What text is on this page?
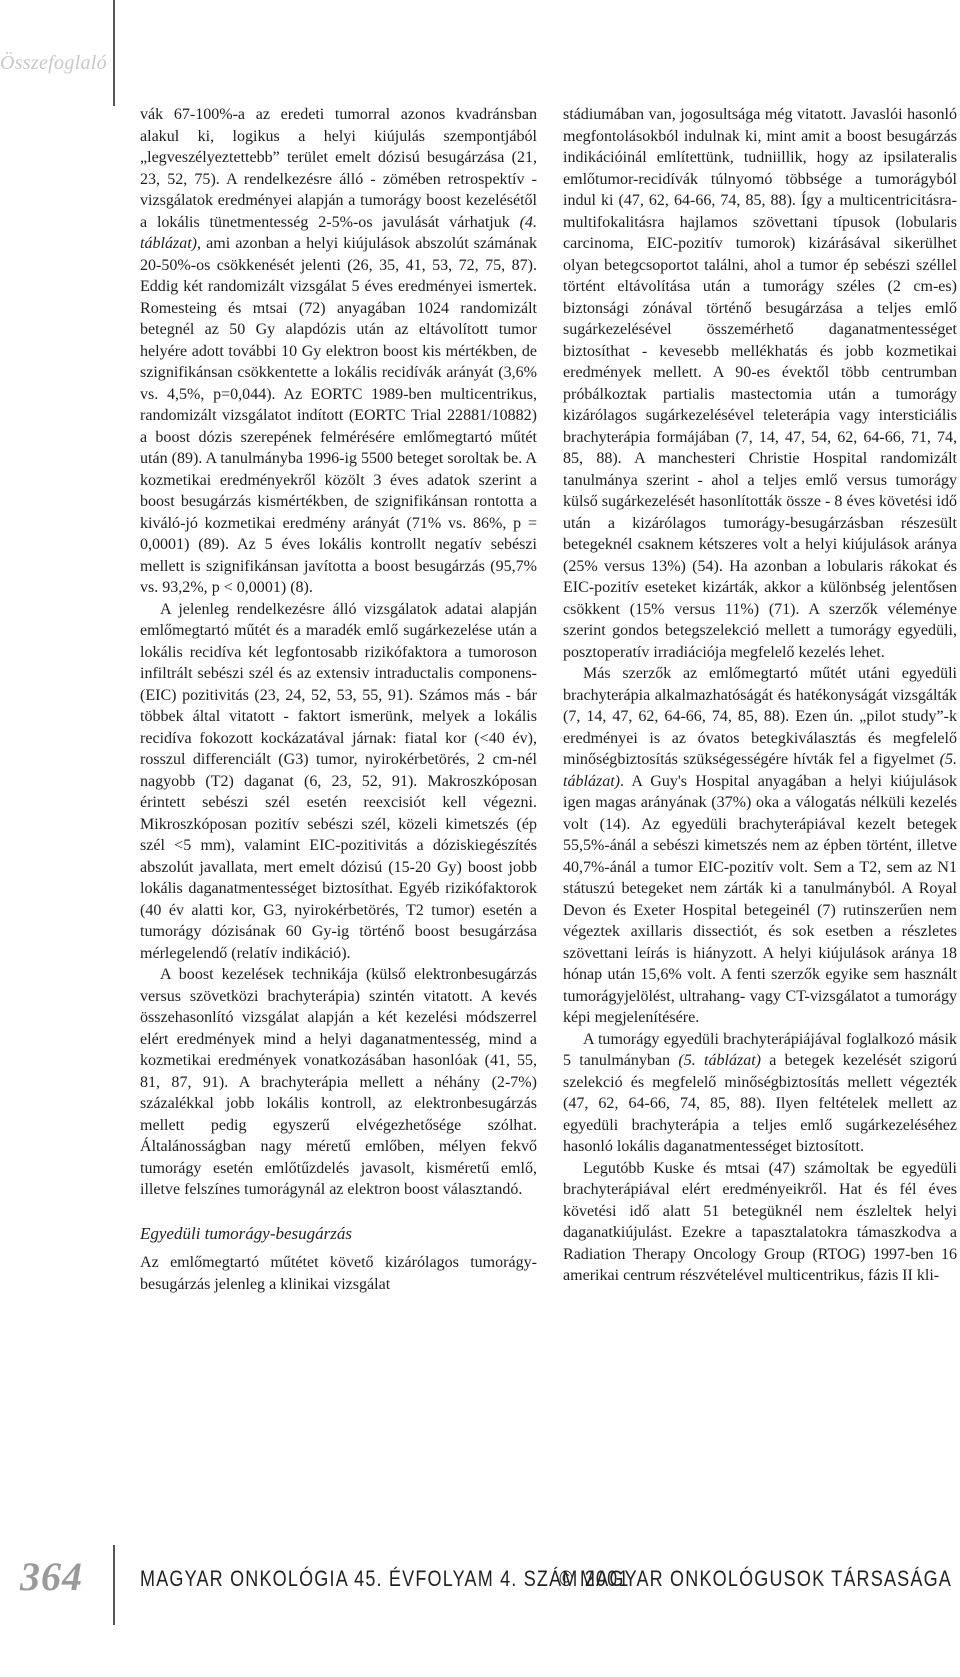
Összefoglaló

vák 67-100%-a az eredeti tumorral azonos kvadránsban alakul ki, logikus a helyi kiújulás szempontjából „legveszélyeztettebb” terület emelt dózisú besugárzása (21, 23, 52, 75). A rendelkezésre álló - zömében retrospektív - vizsgálatok eredményei alapján a tumorágy boost kezelésétől a lokális tünetmentesség 2-5%-os javulását várhatjuk (4. táblázat), ami azonban a helyi kiújulások abszolút számának 20-50%-os csökkenését jelenti (26, 35, 41, 53, 72, 75, 87). Eddig két randomizált vizsgálat 5 éves eredményei ismertek. Romesteing és mtsai (72) anyagában 1024 randomizált betegnél az 50 Gy alapdózis után az eltávolított tumor helyére adott további 10 Gy elektron boost kis mértékben, de szignifikánsan csökkentette a lokális recidívák arányát (3,6% vs. 4,5%, p=0,044). Az EORTC 1989-ben multicentrikus, randomizált vizsgálatot indított (EORTC Trial 22881/10882) a boost dózis szerepének felmérésére emlőmegtartó műtét után (89). A tanulmányba 1996-ig 5500 beteget soroltak be. A kozmetikai eredményekről közölt 3 éves adatok szerint a boost besugárzás kismértékben, de szignifikánsan rontotta a kiváló-jó kozmetikai eredmény arányát (71% vs. 86%, p = 0,0001) (89). Az 5 éves lokális kontrollt negatív sebészi mellett is szignifikánsan javította a boost besugárzás (95,7% vs. 93,2%, p < 0,0001) (8).

A jelenleg rendelkezésre álló vizsgálatok adatai alapján emlőmegtartó műtét és a maradék emlő sugárkezelése után a lokális recidíva két legfontosabb rizikófaktora a tumoroson infiltrált sebészi szél és az extensiv intraductalis componens- (EIC) pozitivitás (23, 24, 52, 53, 55, 91). Számos más - bár többek által vitatott - faktort ismerünk, melyek a lokális recidíva fokozott kockázatával járnak: fiatal kor (<40 év), rosszul differenciált (G3) tumor, nyirokérbetörés, 2 cm-nél nagyobb (T2) daganat (6, 23, 52, 91). Makroszkóposan érintett sebészi szél esetén reexcisiót kell végezni. Mikroszkóposan pozitív sebészi szél, közeli kimetszés (ép szél <5 mm), valamint EIC-pozitivitás a dóziskiegészítés abszolút javallata, mert emelt dózisú (15-20 Gy) boost jobb lokális daganatmentességet biztosíthat. Egyéb rizikófaktorok (40 év alatti kor, G3, nyirokérbetörés, T2 tumor) esetén a tumorágy dózisának 60 Gy-ig történő boost besugárzása mérlegelendő (relatív indikáció).

A boost kezelések technikája (külső elektronbesugárzás versus szövetközi brachyterápia) szintén vitatott. A kevés összehasonlító vizsgálat alapján a két kezelési módszerrel elért eredmények mind a helyi daganatmentesség, mind a kozmetikai eredmények vonatkozásában hasonlóak (41, 55, 81, 87, 91). A brachyterápia mellett a néhány (2-7%) százalékkal jobb lokális kontroll, az elektronbesugárzás mellett pedig egyszerű elvégezhetősége szólhat. Általánosságban nagy méretű emlőben, mélyen fekvő tumorágy esetén emlőtűzdelés javasolt, kisméretű emlő, illetve felszínes tumorágynál az elektron boost választandó.

Egyedüli tumorágy-besugárzás

Az emlőmegtartó műtétet követő kizárólagos tumorágy-besugárzás jelenleg a klinikai vizsgálat

stádiumában van, jogosultsága még vitatott. Javaslói hasonló megfontolásokból indulnak ki, mint amit a boost besugárzás indikációinál említettünk, tudniillik, hogy az ipsilateralis emlőtumor-recidívák túlnyomó többsége a tumorágyból indul ki (47, 62, 64-66, 74, 85, 88). Így a multicentricitásra-multifokalitásra hajlamos szövettani típusok (lobularis carcinoma, EIC-pozitív tumorok) kizárásával sikerülhet olyan betegcsoportot találni, ahol a tumor ép sebészi széllel történt eltávolítása után a tumorágy széles (2 cm-es) biztonsági zónával történő besugárzása a teljes emlő sugárkezelésével összemérhető daganatmentességet biztosíthat - kevesebb mellékhatás és jobb kozmetikai eredmények mellett. A 90-es évektől több centrumban próbálkoztak partialis mastectomia után a tumorágy kizárólagos sugárkezelésével teleterápia vagy intersticiális brachyterápia formájában (7, 14, 47, 54, 62, 64-66, 71, 74, 85, 88). A manchesteri Christie Hospital randomizált tanulmánya szerint - ahol a teljes emlő versus tumorágy külső sugárkezelését hasonlították össze - 8 éves követési idő után a kizárólagos tumorágy-besugárzásban részesült betegeknél csaknem kétszeres volt a helyi kiújulások aránya (25% versus 13%) (54). Ha azonban a lobularis rákokat és EIC-pozitív eseteket kizárták, akkor a különbség jelentősen csökkent (15% versus 11%) (71). A szerzők véleménye szerint gondos betegszelekció mellett a tumorágy egyedüli, posztoperatív irradiációja megfelelő kezelés lehet.

Más szerzők az emlőmegtartó műtét utáni egyedüli brachyterápia alkalmazhatóságát és hatékonyságát vizsgálták (7, 14, 47, 62, 64-66, 74, 85, 88). Ezen ún. „pilot study”-k eredményei is az óvatos betegkiválasztás és megfelelő minőségbiztosítás szükségességére hívták fel a figyelmet (5. táblázat). A Guy's Hospital anyagában a helyi kiújulások igen magas arányának (37%) oka a válogatás nélküli kezelés volt (14). Az egyedüli brachyterápiával kezelt betegek 55,5%-ánál a sebészi kimetszés nem az épben történt, illetve 40,7%-ánál a tumor EIC-pozitív volt. Sem a T2, sem az N1 státuszú betegeket nem zárták ki a tanulmányból. A Royal Devon és Exeter Hospital betegeinél (7) rutinszerűen nem végeztek axillaris dissectiót, és sok esetben a részletes szövettani leírás is hiányzott. A helyi kiújulások aránya 18 hónap után 15,6% volt. A fenti szerzők egyike sem használt tumorágyjelölést, ultrahang- vagy CT-vizsgálatot a tumorágy képi megjelenítésére.

A tumorágy egyedüli brachyterápiájával foglalkozó másik 5 tanulmányban (5. táblázat) a betegek kezelését szigorú szelekció és megfelelő minőségbiztosítás mellett végezték (47, 62, 64-66, 74, 85, 88). Ilyen feltételek mellett az egyedüli brachyterápia a teljes emlő sugárkezeléséhez hasonló lokális daganatmentességet biztosított.

Legutóbb Kuske és mtsai (47) számoltak be egyedüli brachyterápiával elért eredményeikről. Hat és fél éves követési idő alatt 51 betegüknél nem észleltek helyi daganatkiújulást. Ezekre a tapasztalatokra támaszkodva a Radiation Therapy Oncology Group (RTOG) 1997-ben 16 amerikai centrum részvételével multicentrikus, fázis II kli-

364	MAGYAR ONKOLÓGIA 45. ÉVFOLYAM 4. SZÁM 2001
© MAGYAR ONKOLÓGUSOK TÁRSASÁGA
